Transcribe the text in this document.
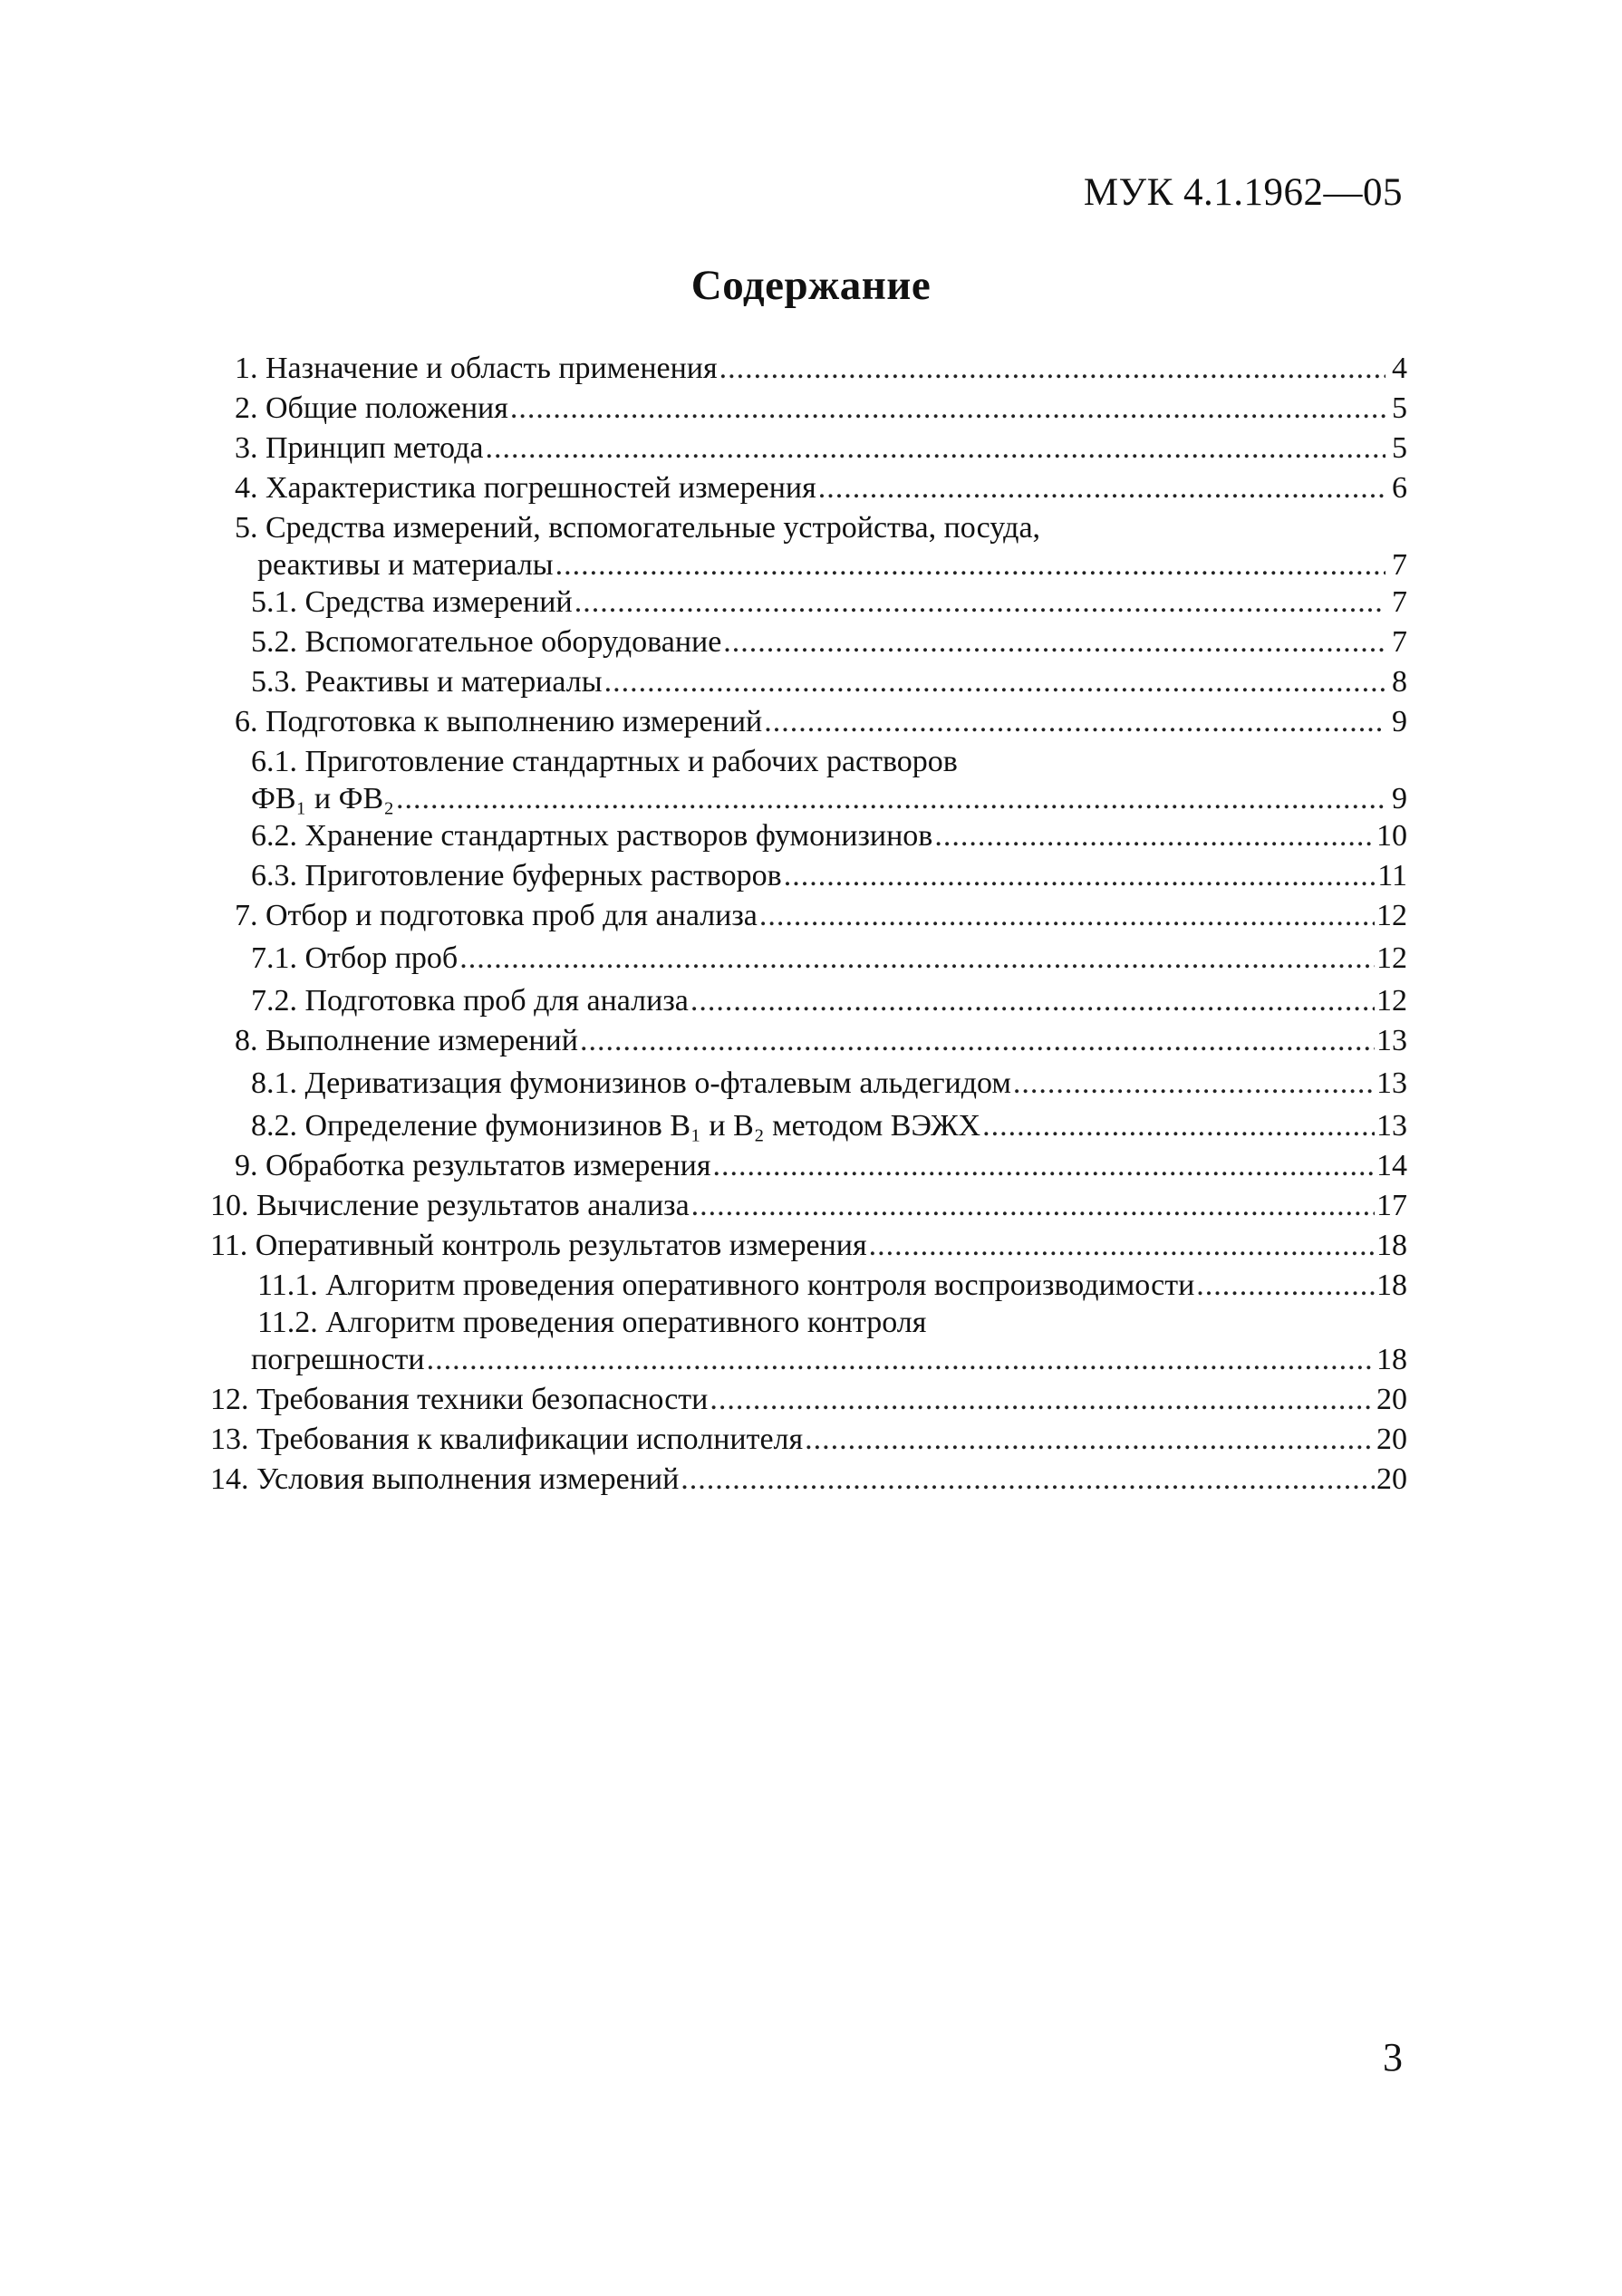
МУК 4.1.1962—05
Содержание
1. Назначение и область применения .....	4
2. Общие положения .....	5
3. Принцип метода .....	5
4. Характеристика погрешностей измерения .....	6
5. Средства измерений, вспомогательные устройства, посуда,
реактивы и материалы .....	7
5.1. Средства измерений .....	7
5.2. Вспомогательное оборудование .....	7
5.3. Реактивы и материалы .....	8
6. Подготовка к выполнению измерений .....	9
6.1. Приготовление стандартных и рабочих растворов
ФВ₁ и ФВ₂ .....	9
6.2. Хранение стандартных растворов фумонизинов .....	10
6.3. Приготовление буферных растворов .....	11
7. Отбор и подготовка проб для анализа .....	12
7.1. Отбор проб .....	12
7.2. Подготовка проб для анализа .....	12
8. Выполнение измерений .....	13
8.1. Дериватизация фумонизинов о-фталевым альдегидом .....	13
8.2. Определение фумонизинов B₁ и B₂ методом ВЭЖХ .....	13
9. Обработка результатов измерения .....	14
10. Вычисление результатов анализа .....	17
11. Оперативный контроль результатов измерения .....	18
11.1. Алгоритм проведения оперативного контроля воспроизводимости .....	18
11.2. Алгоритм проведения оперативного контроля
погрешности .....	18
12. Требования техники безопасности .....	20
13. Требования к квалификации исполнителя .....	20
14. Условия выполнения измерений .....	20
3
